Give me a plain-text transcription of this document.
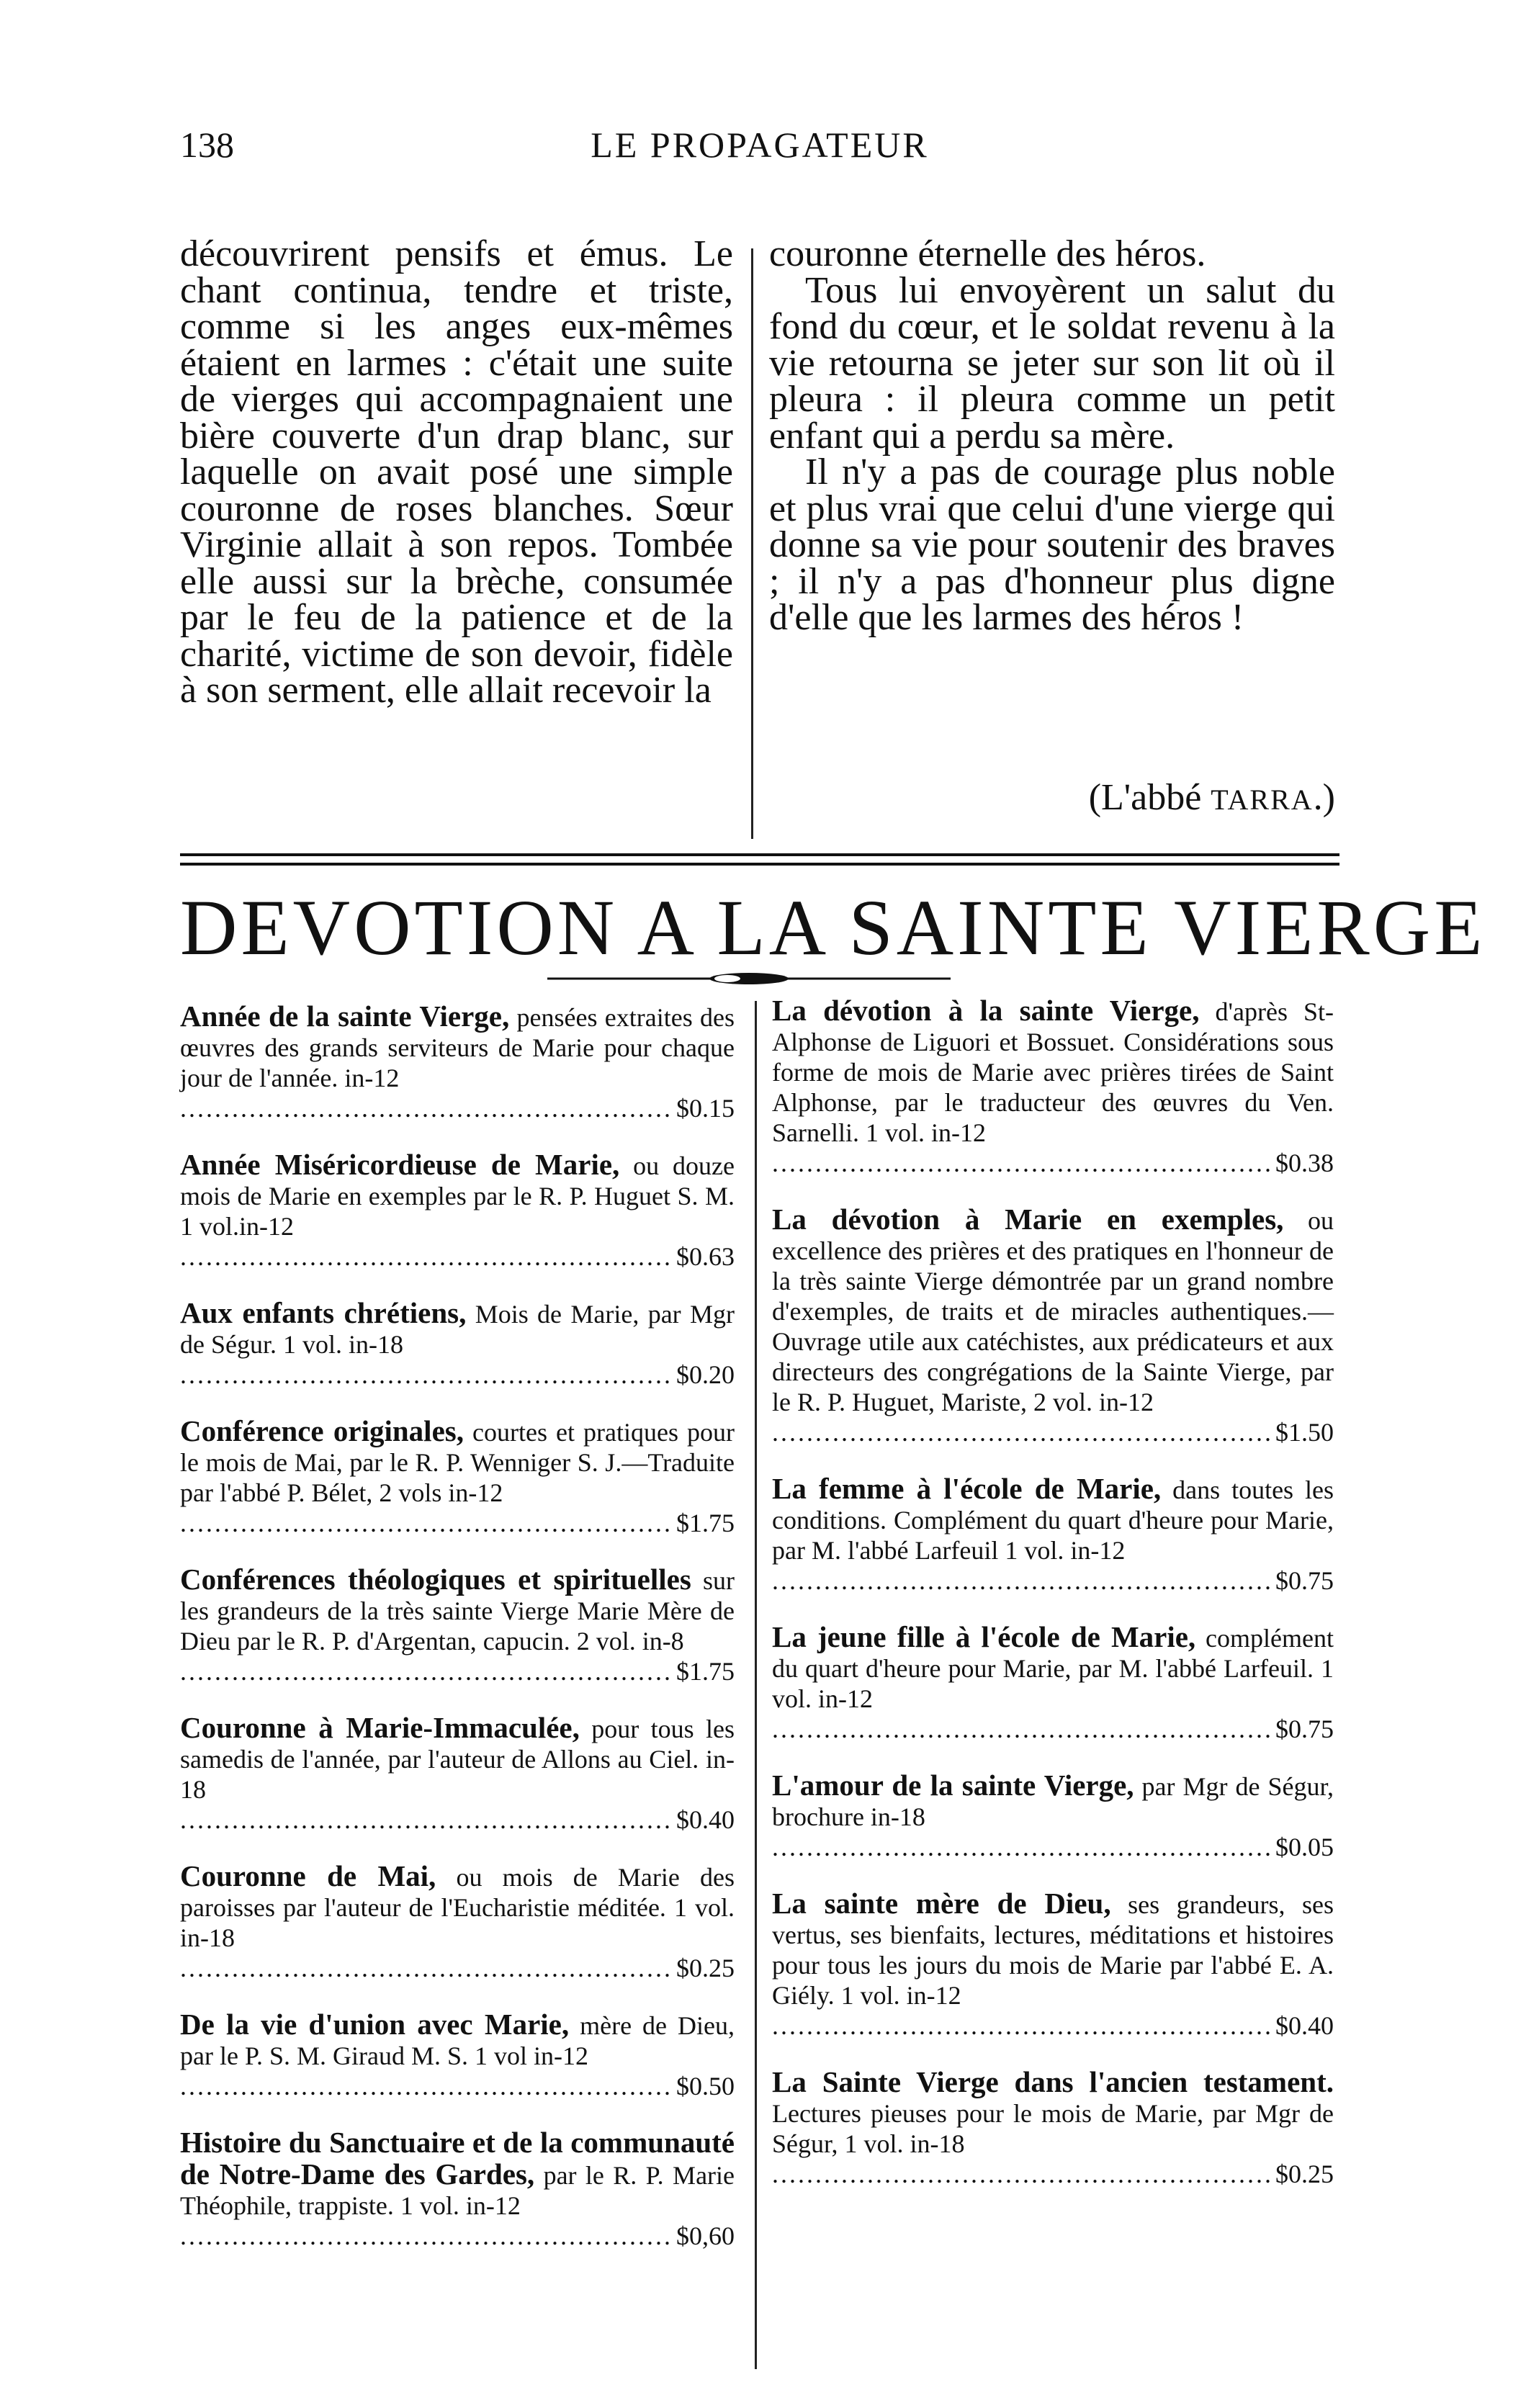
138	LE PROPAGATEUR

découvrirent pensifs et émus. Le chant continua, tendre et triste, comme si les anges eux-mêmes étaient en larmes : c'était une suite de vierges qui accompagnaient une bière couverte d'un drap blanc, sur laquelle on avait posé une simple couronne de roses blanches. Sœur Virginie allait à son repos. Tombée elle aussi sur la brèche, consumée par le feu de la patience et de la charité, victime de son devoir, fidèle à son serment, elle allait recevoir la

couronne éternelle des héros.

Tous lui envoyèrent un salut du fond du cœur, et le soldat revenu à la vie retourna se jeter sur son lit où il pleura : il pleura comme un petit enfant qui a perdu sa mère.

Il n'y a pas de courage plus noble et plus vrai que celui d'une vierge qui donne sa vie pour soutenir des braves ; il n'y a pas d'honneur plus digne d'elle que les larmes des héros !

(L'abbé TARRA.)
DEVOTION A LA SAINTE VIERGE
Année de la sainte Vierge, pensées extraites des œuvres des grands serviteurs de Marie pour chaque jour de l'année. in-12
.....
$0.15
Année Miséricordieuse de Marie, ou douze mois de Marie en exemples par le R. P. Huguet S. M. 1 vol.in-12
.....
$0.63
Aux enfants chrétiens, Mois de Marie, par Mgr de Ségur. 1 vol. in-18
.....
$0.20
Conférence originales, courtes et pratiques pour le mois de Mai, par le R. P. Wenniger S. J.—Traduite par l'abbé P. Bélet, 2 vols in-12
.....
$1.75
Conférences théologiques et spirituelles sur les grandeurs de la très sainte Vierge Marie Mère de Dieu par le R. P. d'Argentan, capucin. 2 vol. in-8
.....
$1.75
Couronne à Marie-Immaculée, pour tous les samedis de l'année, par l'auteur de Allons au Ciel. in-18
.....
$0.40
Couronne de Mai, ou mois de Marie des paroisses par l'auteur de l'Eucharistie méditée. 1 vol. in-18
.....
$0.25
De la vie d'union avec Marie, mère de Dieu, par le P. S. M. Giraud M. S. 1 vol in-12
.....
$0.50
Histoire du Sanctuaire et de la communauté de Notre-Dame des Gardes, par le R. P. Marie Théophile, trappiste. 1 vol. in-12
.....
$0,60
La dévotion à la sainte Vierge, d'après St-Alphonse de Liguori et Bossuet. Considérations sous forme de mois de Marie avec prières tirées de Saint Alphonse, par le traducteur des œuvres du Ven. Sarnelli. 1 vol. in-12
.....
$0.38
La dévotion à Marie en exemples, ou excellence des prières et des pratiques en l'honneur de la très sainte Vierge démontrée par un grand nombre d'exemples, de traits et de miracles authentiques.—Ouvrage utile aux catéchistes, aux prédicateurs et aux directeurs des congrégations de la Sainte Vierge, par le R. P. Huguet, Mariste, 2 vol. in-12
.....
$1.50
La femme à l'école de Marie, dans toutes les conditions. Complément du quart d'heure pour Marie, par M. l'abbé Larfeuil 1 vol. in-12
.....
$0.75
La jeune fille à l'école de Marie, complément du quart d'heure pour Marie, par M. l'abbé Larfeuil. 1 vol. in-12
.....
$0.75
L'amour de la sainte Vierge, par Mgr de Ségur, brochure in-18
.....
$0.05
La sainte mère de Dieu, ses grandeurs, ses vertus, ses bienfaits, lectures, méditations et histoires pour tous les jours du mois de Marie par l'abbé E. A. Giély. 1 vol. in-12
.....
$0.40
La Sainte Vierge dans l'ancien testament. Lectures pieuses pour le mois de Marie, par Mgr de Ségur, 1 vol. in-18
.....
$0.25
